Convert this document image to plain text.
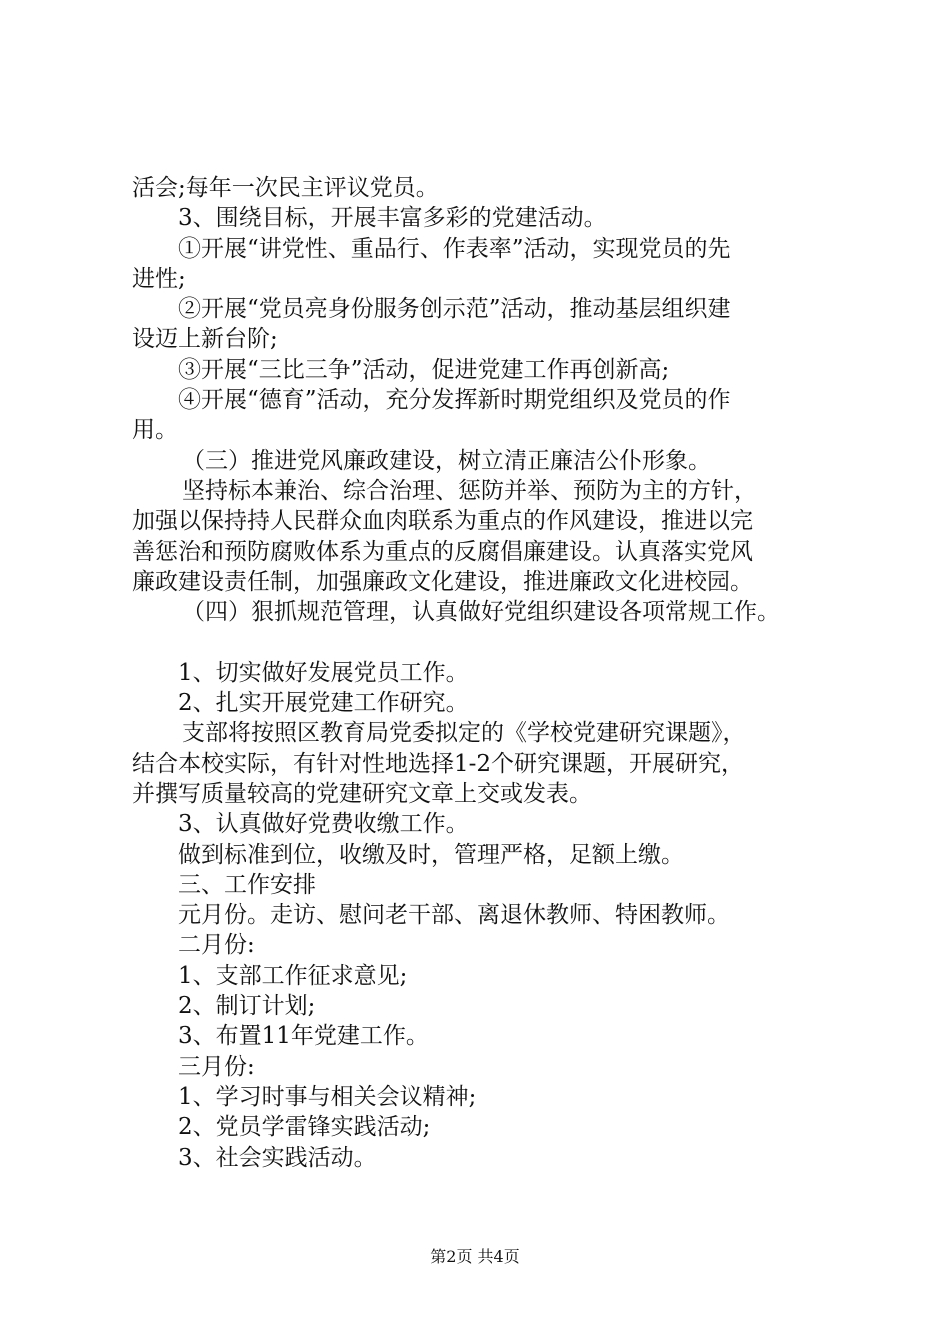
活会;每年一次民主评议党员。
3、围绕目标，开展丰富多彩的党建活动。
①开展“讲党性、重品行、作表率”活动，实现党员的先
进性;
②开展“党员亮身份服务创示范”活动，推动基层组织建
设迈上新台阶;
③开展“三比三争”活动，促进党建工作再创新高;
④开展“德育”活动，充分发挥新时期党组织及党员的作
用。
（三）推进党风廉政建设，树立清正廉洁公仆形象。
坚持标本兼治、综合治理、惩防并举、预防为主的方针，
加强以保持持人民群众血肉联系为重点的作风建设，推进以完
善惩治和预防腐败体系为重点的反腐倡廉建设。认真落实党风
廉政建设责任制，加强廉政文化建设，推进廉政文化进校园。
（四）狠抓规范管理，认真做好党组织建设各项常规工作。
1、切实做好发展党员工作。
2、扎实开展党建工作研究。
支部将按照区教育局党委拟定的《学校党建研究课题》，
结合本校实际，有针对性地选择1-2个研究课题，开展研究，
并撰写质量较高的党建研究文章上交或发表。
3、认真做好党费收缴工作。
做到标准到位，收缴及时，管理严格，足额上缴。
三、工作安排
元月份。走访、慰问老干部、离退休教师、特困教师。
二月份:
1、支部工作征求意见;
2、制订计划;
3、布置11年党建工作。
三月份:
1、学习时事与相关会议精神;
2、党员学雷锋实践活动;
3、社会实践活动。
第2页 共4页
